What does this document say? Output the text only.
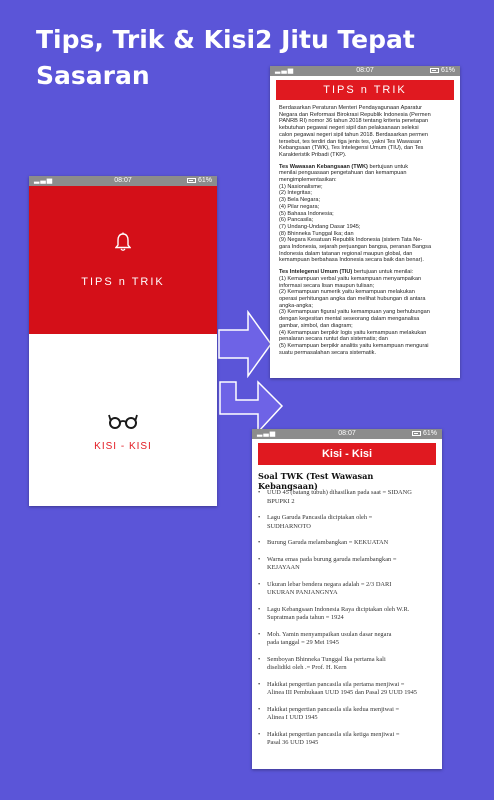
Tips, Trik & Kisi2 Jitu Tepat
Sasaran
▂▃▅	08:07	61%
TIPS n TRIK
KISI - KISI
▂▃▅	08:07	61%
TIPS n TRIK

Berdasarkan Peraturan Menteri Pendayagunaan Aparatur
Negara dan Reformasi Birokrasi Republik Indonesia (Permen
PANRB RI) nomor 36 tahun 2018 tentang kriteria penetapan
kebutuhan pegawai negeri sipil dan pelaksanaan seleksi
calon pegawai negeri sipil tahun 2018. Berdasarkan permen
tersebut, tes terdiri dan tiga jenis tes, yakni Tes Wawasan
Kebangsaan (TWK), Tes Intelegensi Umum (TIU), dan Tes
Karakteristik Pribadi (TKP).

Tes Wawasan Kebangsaan (TWK) bertujuan untuk
menilai penguasaan pengetahuan dan kemampuan
mengimplementasikan:
(1) Nasionalisme;
(2) Integritas;
(3) Bela Negara;
(4) Pilar negara;
(5) Bahasa Indonesia;
(6) Pancasila;
(7) Undang-Undang Dasar 1945;
(8) Bhinneka Tunggal Ika; dan
(9) Negara Kesatuan Republik Indonesia (sistem Tata Ne-
gara Indonesia, sejarah perjuangan bangsa, peranan Bangsa
Indonesia dalam tatanan regional maupun global, dan
kemampuan berbahasa Indonesia secara baik dan benar).

Tes Intelegensi Umum (TIU) bertujuan untuk menilai:
(1) Kemampuan verbal yaitu kemampuan menyampaikan
informasi secara lisan maupun tulisan;
(2) Kemampuan numerik yaitu kemampuan melakukan
operasi perhitungan angka dan melihat hubungan di antara
angka-angka;
(3) Kemampuan figural yaitu kemampuan yang berhubungan
dengan kegesitan mental seseorang dalam menganalisa
gambar, simbol, dan diagram;
(4) Kemampuan berpikir logis yaitu kemampuan melakukan
penalaran secara runtut dan sistematis; dan
(5) Kemampuan berpikir analitis yaitu kemampuan mengurai
suatu permasalahan secara sistematik.

▂▃▅	08:07	61%
Kisi - Kisi
Soal TWK (Test Wawasan Kebangsaan)
• UUD 45 (batang tubuh) dihasilkan pada saat = SIDANG
BPUPKI 2
• Lagu Garuda Pancasila diciptakan oleh =
SUDHARNOTO
• Burung Garuda melambangkan = KEKUATAN
• Warna emas pada burung garuda melambangkan =
KEJAYAAN
• Ukuran lebar bendera negara adalah = 2/3 DARI
UKURAN PANJANGNYA
• Lagu Kebangsaan Indonesia Raya diciptakan oleh W.R.
Supratman pada tahun = 1924
• Moh. Yamin menyampaikan usulan dasar negara
pada tanggal = 29 Mei 1945
• Semboyan Bhinneka Tunggal Ika pertama kali
diselidiki oleh .= Prof. H. Kern
• Hakikat pengertian pancasila sila pertama menjiwai =
Alinea III Pembukaan UUD 1945 dan Pasal 29 UUD 1945
• Hakikat pengertian pancasila sila kedua menjiwai =
Alinea I UUD 1945
• Hakikat pengertian pancasila sila ketiga menjiwai =
Pasal 36 UUD 1945
